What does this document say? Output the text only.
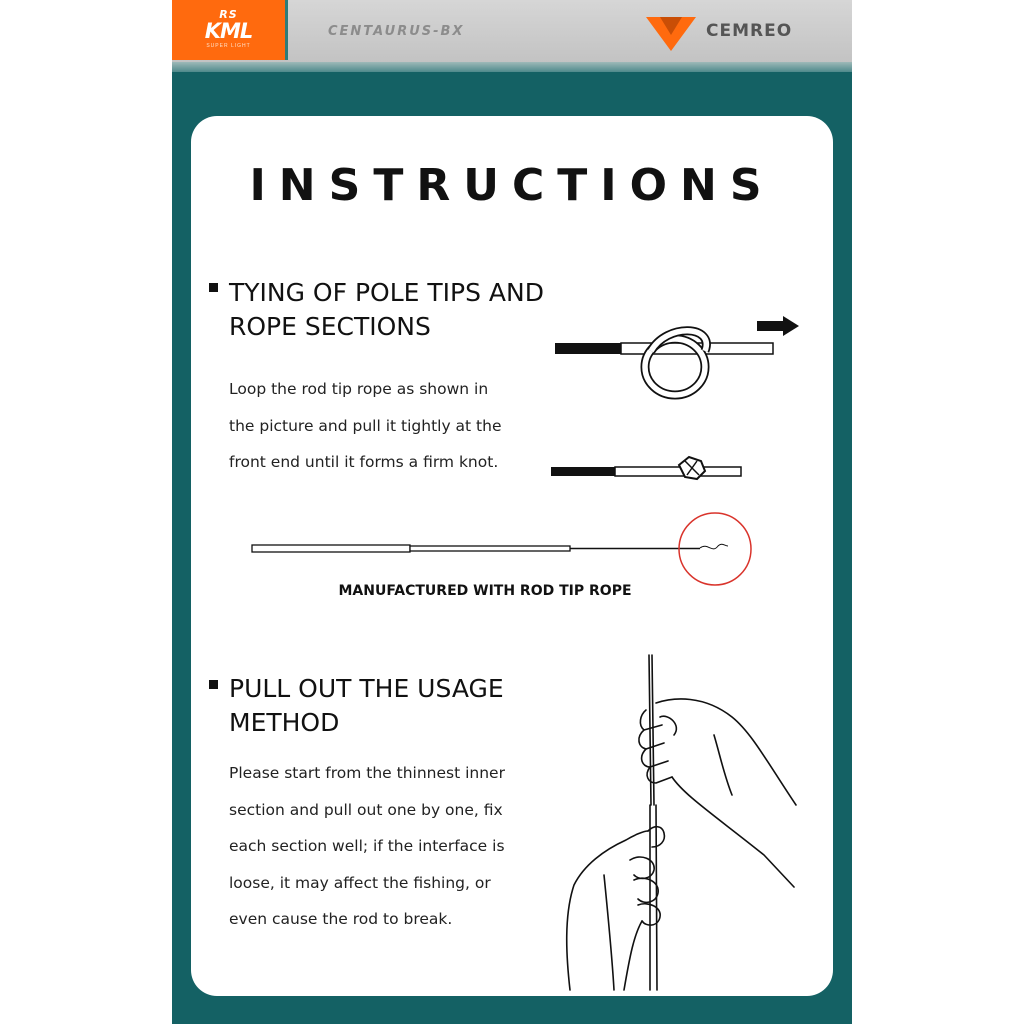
RS
KML
SUPER LIGHT
CENTAURUS-BX	CEMREO
INSTRUCTIONS
TYING OF POLE TIPS AND
ROPE SECTIONS
Loop the rod tip rope as shown in
the picture and pull it tightly at the
front end until it forms a firm knot.
MANUFACTURED WITH ROD TIP ROPE
PULL OUT THE USAGE
METHOD
Please start from the thinnest inner
section and pull out one by one, fix
each section well; if the interface is
loose, it may affect the fishing, or
even cause the rod to break.
